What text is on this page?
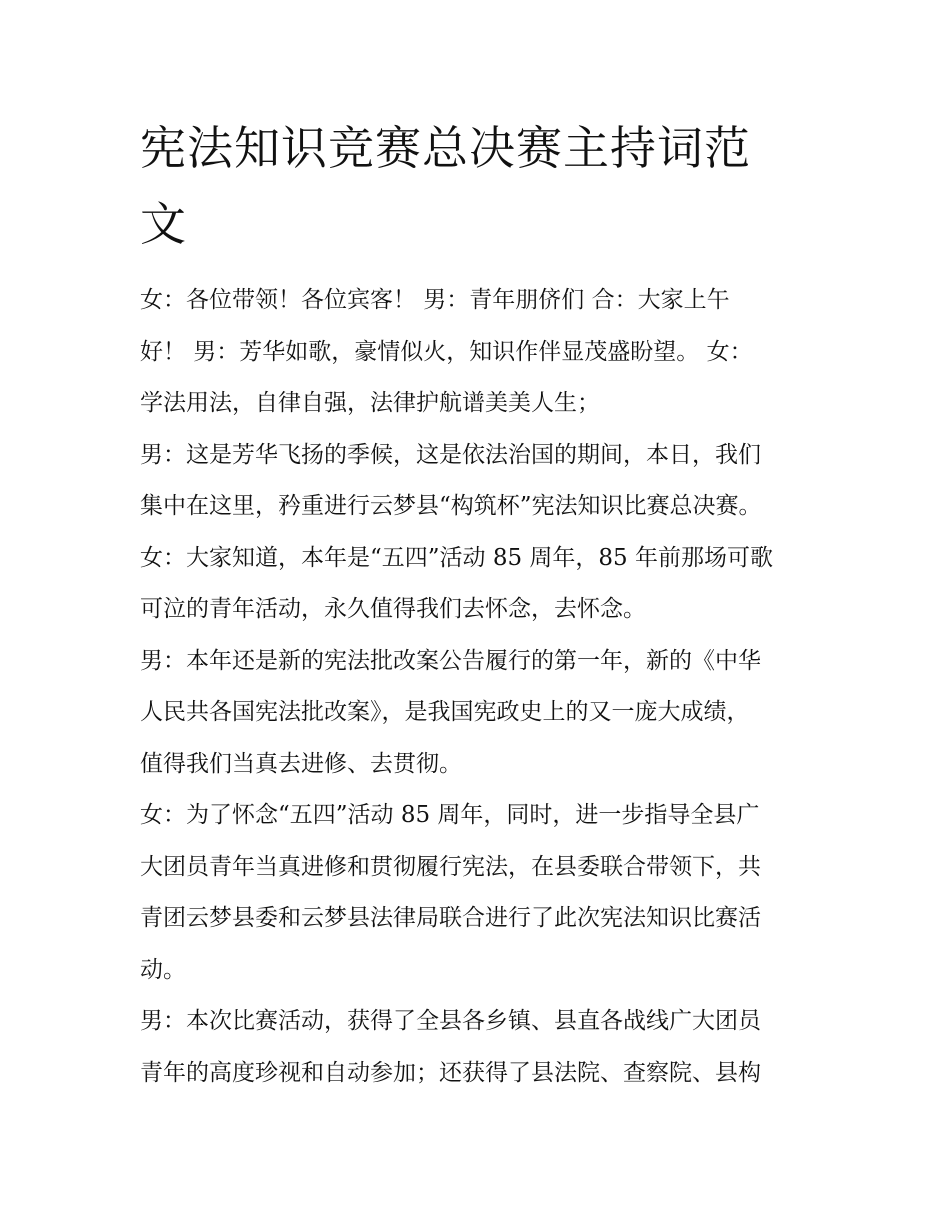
宪法知识竞赛总决赛主持词范
文

女：各位带领！各位宾客！ 男：青年朋侪们 合：大家上午
好！ 男：芳华如歌，豪情似火，知识作伴显茂盛盼望。 女：
学法用法，自律自强，法律护航谱美美人生；

男：这是芳华飞扬的季候，这是依法治国的期间，本日，我们
集中在这里，矜重进行云梦县“构筑杯”宪法知识比赛总决赛。

女：大家知道，本年是“五四”活动 85 周年，85 年前那场可歌
可泣的青年活动，永久值得我们去怀念，去怀念。

男：本年还是新的宪法批改案公告履行的第一年，新的《中华
人民共各国宪法批改案》，是我国宪政史上的又一庞大成绩，
值得我们当真去进修、去贯彻。

女：为了怀念“五四”活动 85 周年，同时，进一步指导全县广
大团员青年当真进修和贯彻履行宪法，在县委联合带领下，共
青团云梦县委和云梦县法律局联合进行了此次宪法知识比赛活
动。

男：本次比赛活动，获得了全县各乡镇、县直各战线广大团员
青年的高度珍视和自动参加；还获得了县法院、查察院、县构
